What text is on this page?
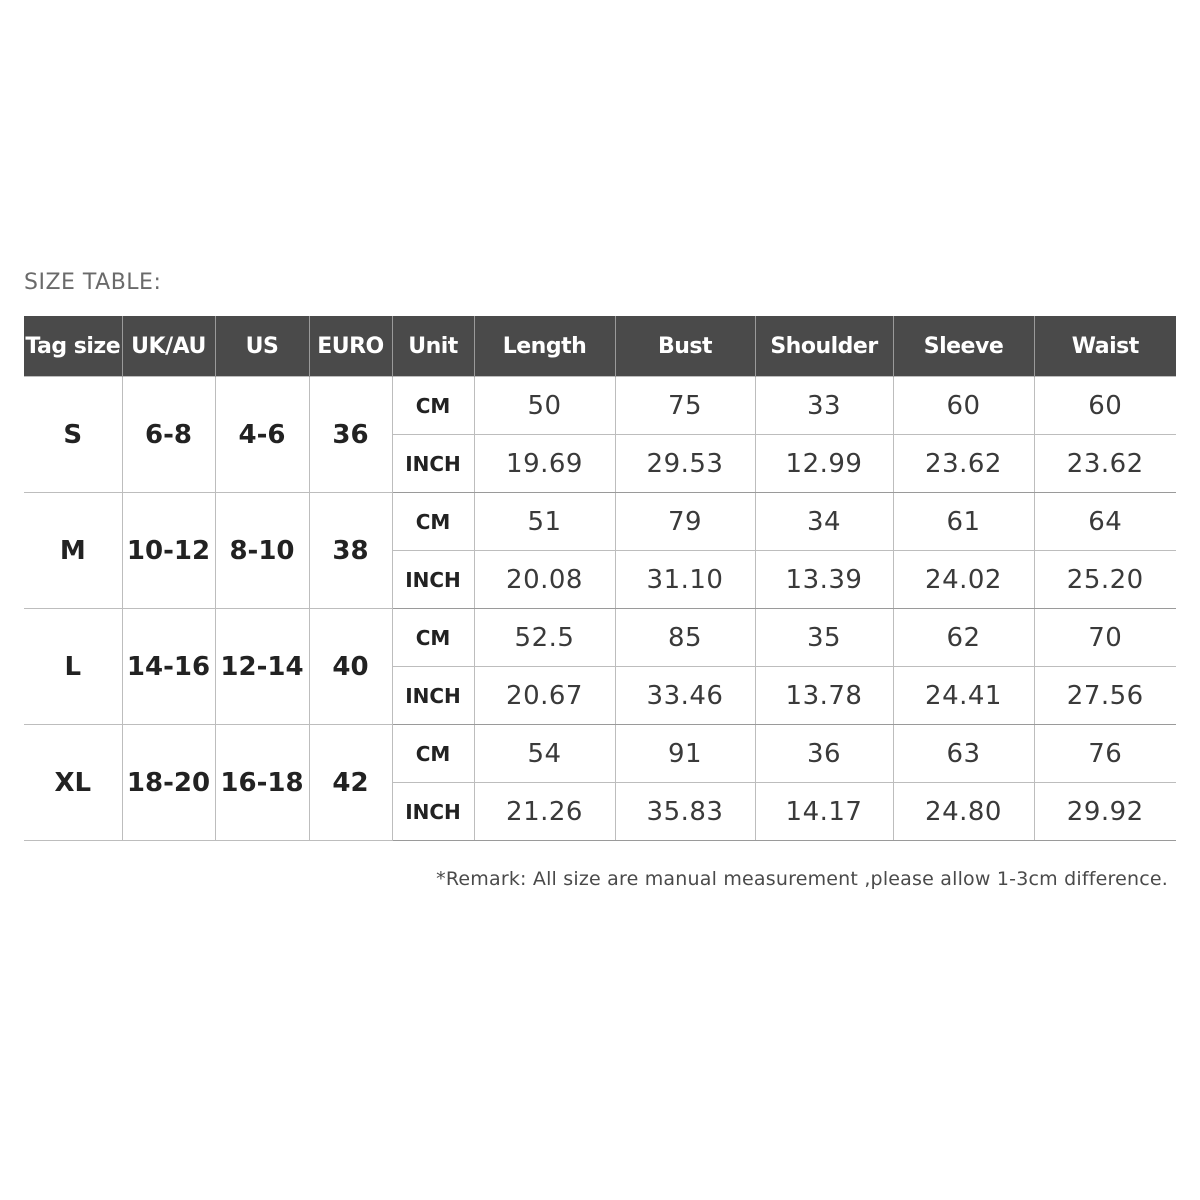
SIZE TABLE:
Tag size	UK/AU	US	EURO	Unit	Length	Bust	Shoulder	Sleeve	Waist
S	6-8	4-6	36	CM	50	75	33	60	60
				INCH	19.69	29.53	12.99	23.62	23.62
M	10-12	8-10	38	CM	51	79	34	61	64
				INCH	20.08	31.10	13.39	24.02	25.20
L	14-16	12-14	40	CM	52.5	85	35	62	70
				INCH	20.67	33.46	13.78	24.41	27.56
XL	18-20	16-18	42	CM	54	91	36	63	76
				INCH	21.26	35.83	14.17	24.80	29.92
*Remark: All size are manual measurement ,please allow 1-3cm difference.
